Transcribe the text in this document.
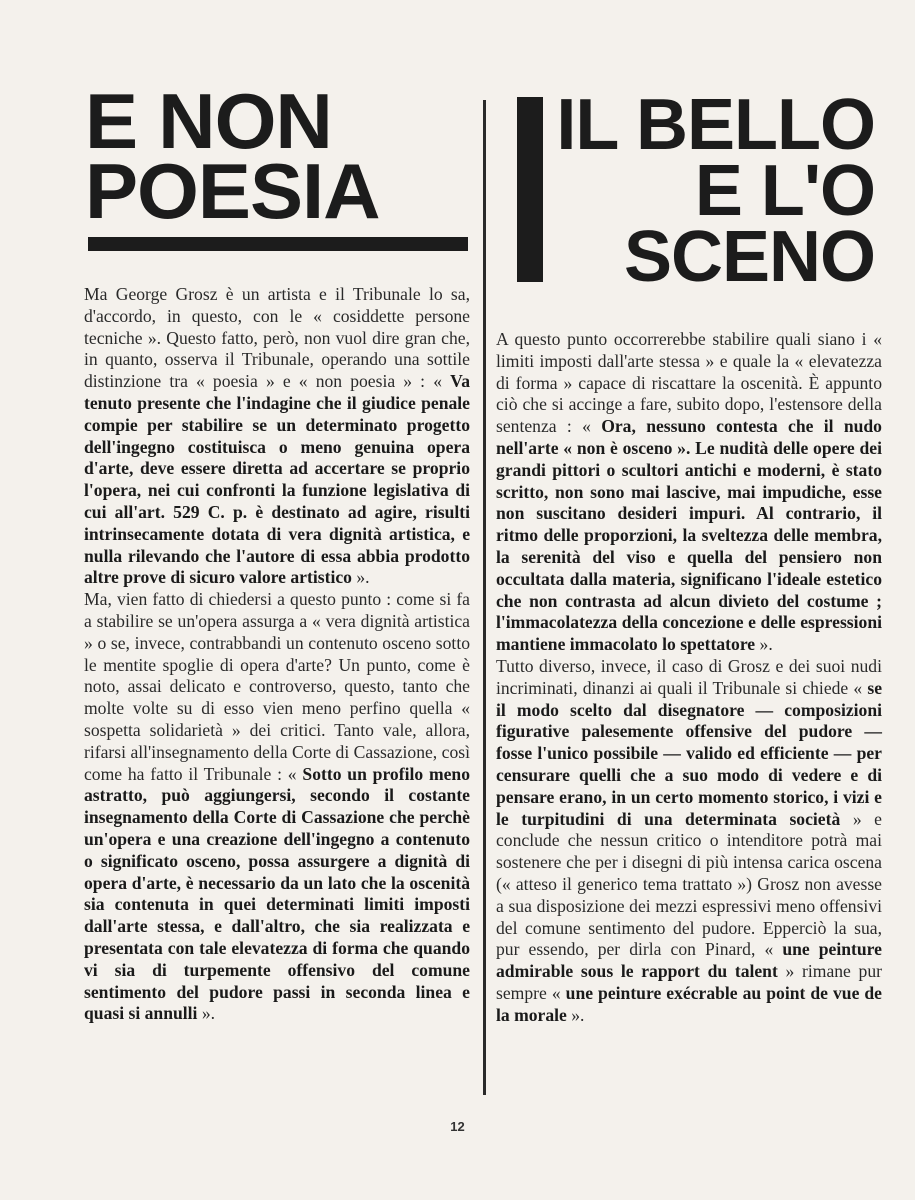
E NON
POESIA
IL BELLO
E L'O
SCENO

Ma George Grosz è un artista e il Tribunale lo sa, d'accordo, in questo, con le « cosiddette persone tecniche ». Questo fatto, però, non vuol dire gran che, in quanto, osserva il Tribunale, operando una sottile distinzione tra « poesia » e « non poesia » : « Va tenuto presente che l'indagine che il giudice penale compie per stabilire se un determinato progetto dell'ingegno costituisca o meno genuina opera d'arte, deve essere diretta ad accertare se proprio l'opera, nei cui confronti la funzione legislativa di cui all'art. 529 C. p. è destinato ad agire, risulti intrinsecamente dotata di vera dignità artistica, e nulla rilevando che l'autore di essa abbia prodotto altre prove di sicuro valore artistico ».

Ma, vien fatto di chiedersi a questo punto : come si fa a stabilire se un'opera assurga a « vera dignità artistica » o se, invece, contrabbandi un contenuto osceno sotto le mentite spoglie di opera d'arte? Un punto, come è noto, assai delicato e controverso, questo, tanto che molte volte su di esso vien meno perfino quella « sospetta solidarietà » dei critici. Tanto vale, allora, rifarsi all'insegnamento della Corte di Cassazione, così come ha fatto il Tribunale : « Sotto un profilo meno astratto, può aggiungersi, secondo il costante insegnamento della Corte di Cassazione che perchè un'opera e una creazione dell'ingegno a contenuto o significato osceno, possa assurgere a dignità di opera d'arte, è necessario da un lato che la oscenità sia contenuta in quei determinati limiti imposti dall'arte stessa, e dall'altro, che sia realizzata e presentata con tale elevatezza di forma che quando vi sia di turpemente offensivo del comune sentimento del pudore passi in seconda linea e quasi si annulli ».

A questo punto occorrerebbe stabilire quali siano i « limiti imposti dall'arte stessa » e quale la « elevatezza di forma » capace di riscattare la oscenità. È appunto ciò che si accinge a fare, subito dopo, l'estensore della sentenza : « Ora, nessuno contesta che il nudo nell'arte « non è osceno ». Le nudità delle opere dei grandi pittori o scultori antichi e moderni, è stato scritto, non sono mai lascive, mai impudiche, esse non suscitano desideri impuri. Al contrario, il ritmo delle proporzioni, la sveltezza delle membra, la serenità del viso e quella del pensiero non occultata dalla materia, significano l'ideale estetico che non contrasta ad alcun divieto del costume ; l'immacolatezza della concezione e delle espressioni mantiene immacolato lo spettatore ».

Tutto diverso, invece, il caso di Grosz e dei suoi nudi incriminati, dinanzi ai quali il Tribunale si chiede « se il modo scelto dal disegnatore — composizioni figurative palesemente offensive del pudore — fosse l'unico possibile — valido ed efficiente — per censurare quelli che a suo modo di vedere e di pensare erano, in un certo momento storico, i vizi e le turpitudini di una determinata società » e conclude che nessun critico o intenditore potrà mai sostenere che per i disegni di più intensa carica oscena (« atteso il generico tema trattato ») Grosz non avesse a sua disposizione dei mezzi espressivi meno offensivi del comune sentimento del pudore. Epperciò la sua, pur essendo, per dirla con Pinard, « une peinture admirable sous le rapport du talent » rimane pur sempre « une peinture exécrable au point de vue de la morale ».

12
